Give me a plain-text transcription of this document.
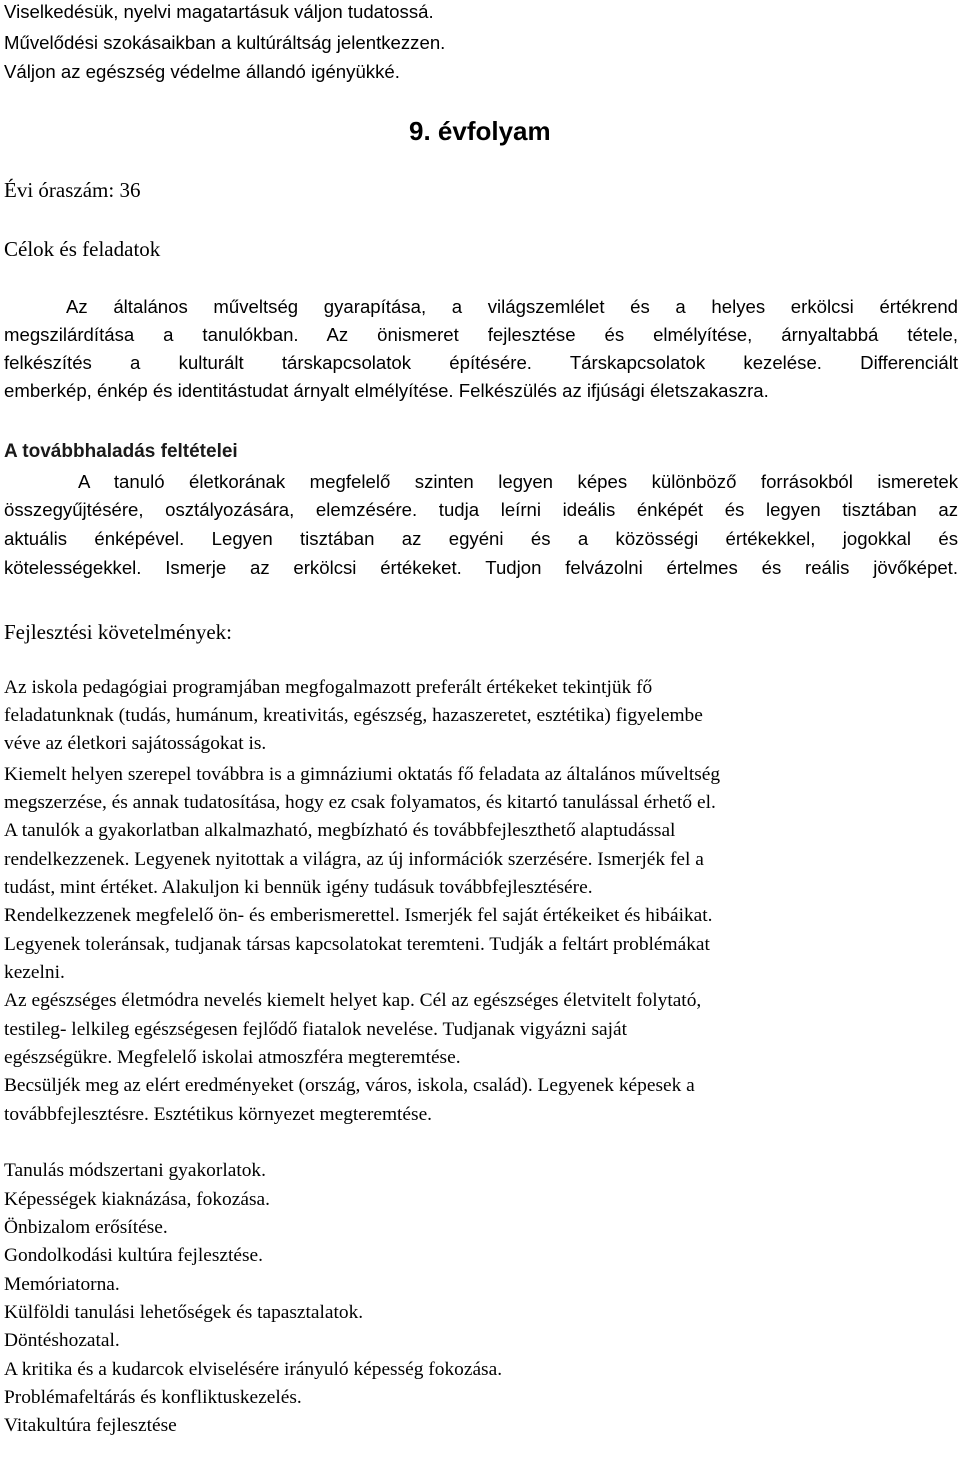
Viselkedésük, nyelvi magatartásuk váljon tudatossá.
Művelődési szokásaikban a kultúráltság jelentkezzen.
Váljon az egészség védelme állandó igényükké.
9. évfolyam
Évi óraszám: 36
Célok és feladatok
Az általános műveltség gyarapítása, a világszemlélet és a helyes erkölcsi értékrend
megszilárdítása a tanulókban. Az önismeret fejlesztése és elmélyítése, árnyaltabbá tétele,
felkészítés a kulturált társkapcsolatok építésére. Társkapcsolatok kezelése. Differenciált
emberkép, énkép és identitástudat árnyalt elmélyítése. Felkészülés az ifjúsági életszakaszra.
A továbbhaladás feltételei
A tanuló életkorának megfelelő szinten legyen képes különböző forrásokból ismeretek
összegyűjtésére, osztályozására, elemzésére. tudja leírni ideális énképét és legyen tisztában az
aktuális énképével. Legyen tisztában az egyéni és a közösségi értékekkel, jogokkal és
kötelességekkel. Ismerje az erkölcsi értékeket. Tudjon felvázolni értelmes és reális jövőképet.
Fejlesztési követelmények:
Az iskola pedagógiai programjában megfogalmazott preferált értékeket tekintjük fő
feladatunknak (tudás, humánum, kreativitás, egészség, hazaszeretet, esztétika) figyelembe
véve az életkori sajátosságokat is.
Kiemelt helyen szerepel továbbra is a gimnáziumi oktatás fő feladata az általános műveltség
megszerzése, és annak tudatosítása, hogy ez csak folyamatos, és kitartó tanulással érhető el.
A tanulók a gyakorlatban alkalmazható, megbízható és továbbfejleszthető alaptudással
rendelkezzenek. Legyenek nyitottak a világra, az új információk szerzésére. Ismerjék fel a
tudást, mint értéket. Alakuljon ki bennük igény tudásuk továbbfejlesztésére.
Rendelkezzenek megfelelő ön- és emberismerettel. Ismerjék fel saját értékeiket és hibáikat.
Legyenek toleránsak, tudjanak társas kapcsolatokat teremteni. Tudják a feltárt problémákat
kezelni.
Az egészséges életmódra nevelés kiemelt helyet kap. Cél az egészséges életvitelt folytató,
testileg- lelkileg egészségesen fejlődő fiatalok nevelése. Tudjanak vigyázni saját
egészségükre. Megfelelő iskolai atmoszféra megteremtése.
Becsüljék meg az elért eredményeket (ország, város, iskola, család). Legyenek képesek a
továbbfejlesztésre. Esztétikus környezet megteremtése.
Tanulás módszertani gyakorlatok.
Képességek kiaknázása, fokozása.
Önbizalom erősítése.
Gondolkodási kultúra fejlesztése.
Memóriatorna.
Külföldi tanulási lehetőségek és tapasztalatok.
Döntéshozatal.
A kritika és a kudarcok elviselésére irányuló képesség fokozása.
Problémafeltárás és konfliktuskezelés.
Vitakultúra fejlesztése
